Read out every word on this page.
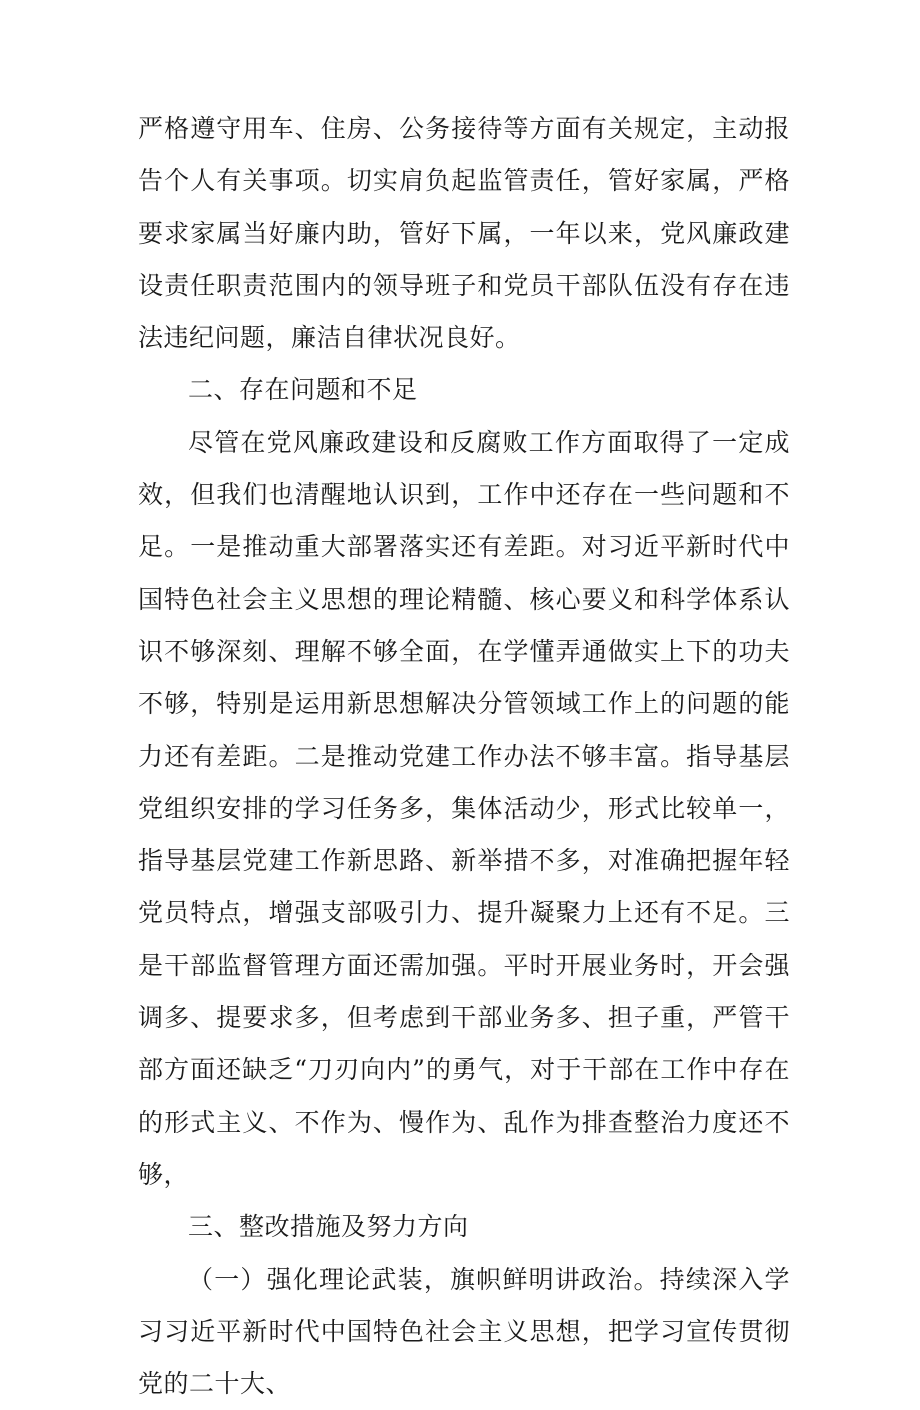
严格遵守用车、住房、公务接待等方面有关规定，主动报告个人有关事项。切实肩负起监管责任，管好家属，严格要求家属当好廉内助，管好下属，一年以来，党风廉政建设责任职责范围内的领导班子和党员干部队伍没有存在违法违纪问题，廉洁自律状况良好。

二、存在问题和不足

尽管在党风廉政建设和反腐败工作方面取得了一定成效，但我们也清醒地认识到，工作中还存在一些问题和不足。一是推动重大部署落实还有差距。对习近平新时代中国特色社会主义思想的理论精髓、核心要义和科学体系认识不够深刻、理解不够全面，在学懂弄通做实上下的功夫不够，特别是运用新思想解决分管领域工作上的问题的能力还有差距。二是推动党建工作办法不够丰富。指导基层党组织安排的学习任务多，集体活动少，形式比较单一，指导基层党建工作新思路、新举措不多，对准确把握年轻党员特点，增强支部吸引力、提升凝聚力上还有不足。三是干部监督管理方面还需加强。平时开展业务时，开会强调多、提要求多，但考虑到干部业务多、担子重，严管干部方面还缺乏“刀刃向内”的勇气，对于干部在工作中存在的形式主义、不作为、慢作为、乱作为排查整治力度还不够，

三、整改措施及努力方向

（一）强化理论武装，旗帜鲜明讲政治。持续深入学习习近平新时代中国特色社会主义思想，把学习宣传贯彻党的二十大、
